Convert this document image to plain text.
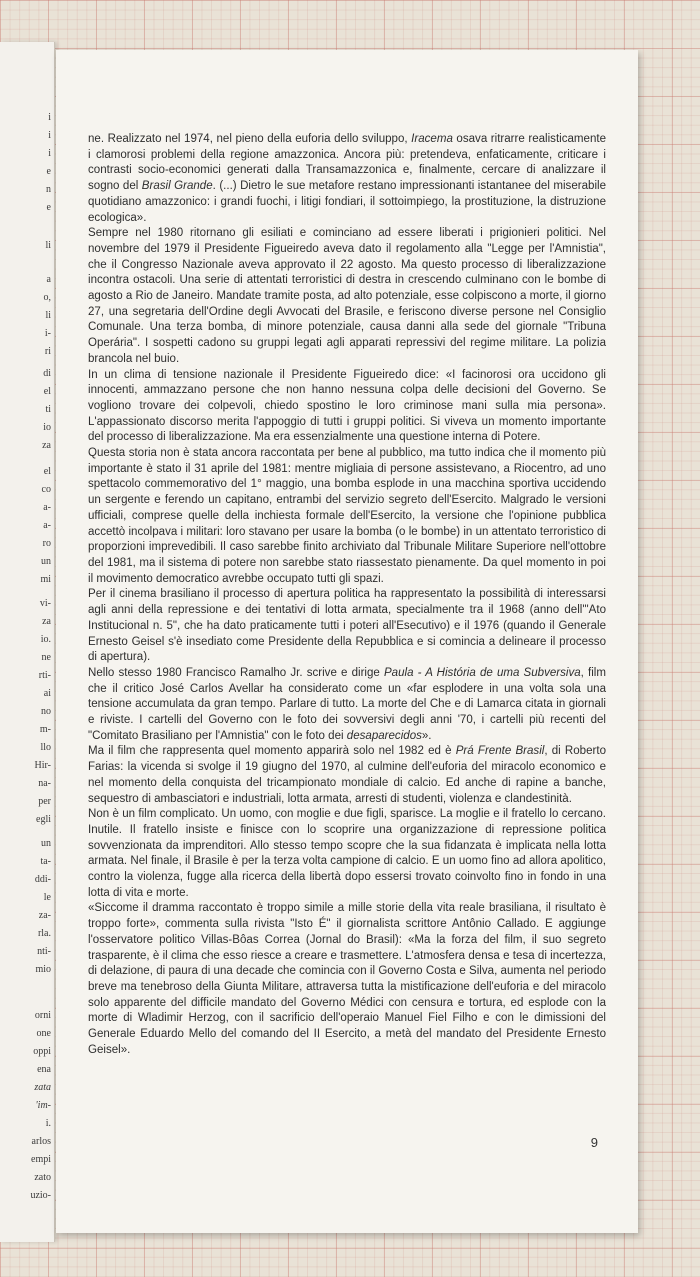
i
i
i
e
n
e
li
a
o,
li
i-
ri
di
el
ti
io
za
el
co
a-
a-
ro
un
mi
vi-
za
io.
ne
rti-
ai
no
m-
llo
Hir-
na-
per
egli
un
ta-
ddi-
le
za-
rla.
nti-
mio
orni
one
oppi
ena
zata
'im-
i.
arlos
empi
zato
uzio-

ne. Realizzato nel 1974, nel pieno della euforia dello sviluppo, Iracema osava ritrarre realisticamente i clamorosi problemi della regione amazzonica. Ancora più: pretendeva, enfaticamente, criticare i contrasti socio-economici generati dalla Transamazzonica e, finalmente, cercare di analizzare il sogno del Brasil Grande. (...) Dietro le sue metafore restano impressionanti istantanee del miserabile quotidiano amazzonico: i grandi fuochi, i litigi fondiari, il sottoimpiego, la prostituzione, la distruzione ecologica».

Sempre nel 1980 ritornano gli esiliati e cominciano ad essere liberati i prigionieri politici. Nel novembre del 1979 il Presidente Figueiredo aveva dato il regolamento alla "Legge per l'Amnistia", che il Congresso Nazionale aveva approvato il 22 agosto. Ma questo processo di liberalizzazione incontra ostacoli. Una serie di attentati terroristici di destra in crescendo culminano con le bombe di agosto a Rio de Janeiro. Mandate tramite posta, ad alto potenziale, esse colpiscono a morte, il giorno 27, una segretaria dell'Ordine degli Avvocati del Brasile, e feriscono diverse persone nel Consiglio Comunale. Una terza bomba, di minore potenziale, causa danni alla sede del giornale "Tribuna Operária". I sospetti cadono su gruppi legati agli apparati repressivi del regime militare. La polizia brancola nel buio.

In un clima di tensione nazionale il Presidente Figueiredo dice: «I facinorosi ora uccidono gli innocenti, ammazzano persone che non hanno nessuna colpa delle decisioni del Governo. Se vogliono trovare dei colpevoli, chiedo spostino le loro criminose mani sulla mia persona». L'appassionato discorso merita l'appoggio di tutti i gruppi politici. Si viveva un momento importante del processo di liberalizzazione. Ma era essenzialmente una questione interna di Potere.

Questa storia non è stata ancora raccontata per bene al pubblico, ma tutto indica che il momento più importante è stato il 31 aprile del 1981: mentre migliaia di persone assistevano, a Riocentro, ad uno spettacolo commemorativo del 1° maggio, una bomba esplode in una macchina sportiva uccidendo un sergente e ferendo un capitano, entrambi del servizio segreto dell'Esercito. Malgrado le versioni ufficiali, comprese quelle della inchiesta formale dell'Esercito, la versione che l'opinione pubblica accettò incolpava i militari: loro stavano per usare la bomba (o le bombe) in un attentato terroristico di proporzioni imprevedibili. Il caso sarebbe finito archiviato dal Tribunale Militare Superiore nell'ottobre del 1981, ma il sistema di potere non sarebbe stato riassestato pienamente. Da quel momento in poi il movimento democratico avrebbe occupato tutti gli spazi.

Per il cinema brasiliano il processo di apertura politica ha rappresentato la possibilità di interessarsi agli anni della repressione e dei tentativi di lotta armata, specialmente tra il 1968 (anno dell'"Ato Institucional n. 5", che ha dato praticamente tutti i poteri all'Esecutivo) e il 1976 (quando il Generale Ernesto Geisel s'è insediato come Presidente della Repubblica e si comincia a delineare il processo di apertura).

Nello stesso 1980 Francisco Ramalho Jr. scrive e dirige Paula - A História de uma Subversiva, film che il critico José Carlos Avellar ha considerato come un «far esplodere in una volta sola una tensione accumulata da gran tempo. Parlare di tutto. La morte del Che e di Lamarca citata in giornali e riviste. I cartelli del Governo con le foto dei sovversivi degli anni '70, i cartelli più recenti del "Comitato Brasiliano per l'Amnistia" con le foto dei desaparecidos».

Ma il film che rappresenta quel momento apparirà solo nel 1982 ed è Prá Frente Brasil, di Roberto Farias: la vicenda si svolge il 19 giugno del 1970, al culmine dell'euforia del miracolo economico e nel momento della conquista del tricampionato mondiale di calcio. Ed anche di rapine a banche, sequestro di ambasciatori e industriali, lotta armata, arresti di studenti, violenza e clandestinità.

Non è un film complicato. Un uomo, con moglie e due figli, sparisce. La moglie e il fratello lo cercano. Inutile. Il fratello insiste e finisce con lo scoprire una organizzazione di repressione politica sovvenzionata da imprenditori. Allo stesso tempo scopre che la sua fidanzata è implicata nella lotta armata. Nel finale, il Brasile è per la terza volta campione di calcio. E un uomo fino ad allora apolitico, contro la violenza, fugge alla ricerca della libertà dopo essersi trovato coinvolto fino in fondo in una lotta di vita e morte.

«Siccome il dramma raccontato è troppo simile a mille storie della vita reale brasiliana, il risultato è troppo forte», commenta sulla rivista "Isto É" il giornalista scrittore Antônio Callado. E aggiunge l'osservatore politico Villas-Bôas Correa (Jornal do Brasil): «Ma la forza del film, il suo segreto trasparente, è il clima che esso riesce a creare e trasmettere. L'atmosfera densa e tesa di incertezza, di delazione, di paura di una decade che comincia con il Governo Costa e Silva, aumenta nel periodo breve ma tenebroso della Giunta Militare, attraversa tutta la mistificazione dell'euforia e del miracolo solo apparente del difficile mandato del Governo Médici con censura e tortura, ed esplode con la morte di Wladimir Herzog, con il sacrificio dell'operaio Manuel Fiel Filho e con le dimissioni del Generale Eduardo Mello del comando del II Esercito, a metà del mandato del Presidente Ernesto Geisel».

9
